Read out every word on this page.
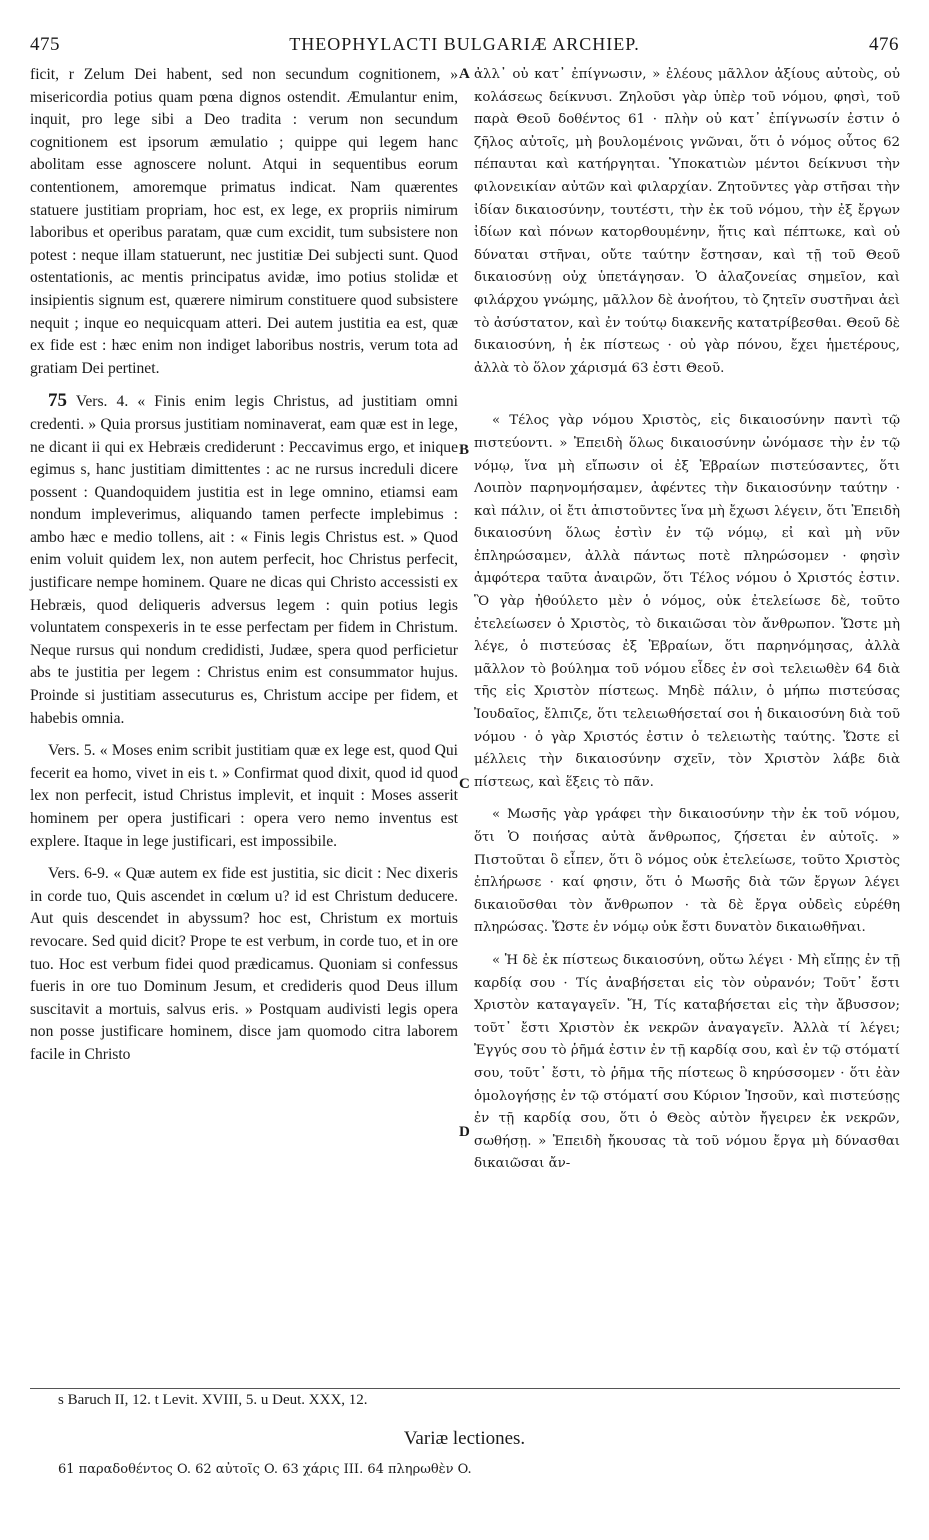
475	THEOPHYLACTI BULGARIÆ ARCHIEP.	476

ficit, r Zelum Dei habent, sed non secundum cognitionem, » misericordia potius quam pœna dignos ostendit. Æmulantur enim, inquit, pro lege sibi a Deo tradita : verum non secundum cognitionem est ipsorum æmulatio ; quippe qui legem hanc abolitam esse agnoscere nolunt. Atqui in sequentibus eorum contentionem, amoremque primatus indicat. Nam quærentes statuere justitiam propriam, hoc est, ex lege, ex propriis nimirum laboribus et operibus paratam, quæ cum excidit, tum subsistere non potest : neque illam statuerunt, nec justitiæ Dei subjecti sunt. Quod ostentationis, ac mentis principatus avidæ, imo potius stolidæ et insipientis signum est, quærere nimirum constituere quod subsistere nequit ; inque eo nequicquam atteri. Dei autem justitia ea est, quæ ex fide est : hæc enim non indiget laboribus nostris, verum tota ad gratiam Dei pertinet.

75 Vers. 4. « Finis enim legis Christus, ad justitiam omni credenti. » Quia prorsus justitiam nominaverat, eam quæ est in lege, ne dicant ii qui ex Hebræis crediderunt : Peccavimus ergo, et inique egimus s, hanc justitiam dimittentes : ac ne rursus increduli dicere possent : Quandoquidem justitia est in lege omnino, etiamsi eam nondum impleverimus, aliquando tamen perfecte implebimus : ambo hæc e medio tollens, ait : « Finis legis Christus est. » Quod enim voluit quidem lex, non autem perfecit, hoc Christus perfecit, justificare nempe hominem. Quare ne dicas qui Christo accessisti ex Hebræis, quod deliqueris adversus legem : quin potius legis voluntatem conspexeris in te esse perfectam per fidem in Christum. Neque rursus qui nondum credidisti, Judæe, spera quod perficietur abs te justitia per legem : Christus enim est consummator hujus. Proinde si justitiam assecuturus es, Christum accipe per fidem, et habebis omnia.

Vers. 5. « Moses enim scribit justitiam quæ ex lege est, quod Qui fecerit ea homo, vivet in eis t. » Confirmat quod dixit, quod id quod lex non perfecit, istud Christus implevit, et inquit : Moses asserit hominem per opera justificari : opera vero nemo inventus est explere. Itaque in lege justificari, est impossibile.

Vers. 6-9. « Quæ autem ex fide est justitia, sic dicit : Nec dixeris in corde tuo, Quis ascendet in cœlum u? id est Christum deducere. Aut quis descendet in abyssum? hoc est, Christum ex mortuis revocare. Sed quid dicit? Prope te est verbum, in corde tuo, et in ore tuo. Hoc est verbum fidei quod prædicamus. Quoniam si confessus fueris in ore tuo Dominum Jesum, et credideris quod Deus illum suscitavit a mortuis, salvus eris. » Postquam audivisti legis opera non posse justificare hominem, disce jam quomodo citra laborem facile in Christo

A
B
C
D

ἀλλ᾽ οὐ κατ᾽ ἐπίγνωσιν, » ἐλέους μᾶλλον ἀξίους αὐτοὺς, οὐ κολάσεως δείκνυσι. Ζηλοῦσι γὰρ ὑπὲρ τοῦ νόμου, φησὶ, τοῦ παρὰ Θεοῦ δοθέντος 61 · πλὴν οὐ κατ᾽ ἐπίγνωσίν ἐστιν ὁ ζῆλος αὐτοῖς, μὴ βουλομένοις γνῶναι, ὅτι ὁ νόμος οὗτος 62 πέπαυται καὶ κατήργηται. Ὑποκατιὼν μέντοι δείκνυσι τὴν φιλονεικίαν αὐτῶν καὶ φιλαρχίαν. Ζητοῦντες γὰρ στῆσαι τὴν ἰδίαν δικαιοσύνην, τουτέστι, τὴν ἐκ τοῦ νόμου, τὴν ἐξ ἔργων ἰδίων καὶ πόνων κατορθουμένην, ἥτις καὶ πέπτωκε, καὶ οὐ δύναται στῆναι, οὔτε ταύτην ἔστησαν, καὶ τῇ τοῦ Θεοῦ δικαιοσύνῃ οὐχ ὑπετάγησαν. Ὁ ἀλαζονείας σημεῖον, καὶ φιλάρχου γνώμης, μᾶλλον δὲ ἀνοήτου, τὸ ζητεῖν συστῆναι ἀεὶ τὸ ἀσύστατον, καὶ ἐν τούτῳ διακενῆς κατατρίβεσθαι. Θεοῦ δὲ δικαιοσύνη, ἡ ἐκ πίστεως · οὐ γὰρ πόνου, ἔχει ἡμετέρους, ἀλλὰ τὸ ὅλον χάρισμά 63 ἐστι Θεοῦ.

« Τέλος γὰρ νόμου Χριστὸς, εἰς δικαιοσύνην παντὶ τῷ πιστεύοντι. » Ἐπειδὴ ὅλως δικαιοσύνην ὠνόμασε τὴν ἐν τῷ νόμῳ, ἵνα μὴ εἴπωσιν οἱ ἐξ Ἑβραίων πιστεύσαντες, ὅτι Λοιπὸν παρηνομήσαμεν, ἀφέντες τὴν δικαιοσύνην ταύτην · καὶ πάλιν, οἱ ἔτι ἀπιστοῦντες ἵνα μὴ ἔχωσι λέγειν, ὅτι Ἐπειδὴ δικαιοσύνη ὅλως ἐστὶν ἐν τῷ νόμῳ, εἰ καὶ μὴ νῦν ἐπληρώσαμεν, ἀλλὰ πάντως ποτὲ πληρώσομεν · φησὶν ἀμφότερα ταῦτα ἀναιρῶν, ὅτι Τέλος νόμου ὁ Χριστός ἐστιν. Ὃ γὰρ ἠθούλετο μὲν ὁ νόμος, οὐκ ἐτελείωσε δὲ, τοῦτο ἐτελείωσεν ὁ Χριστὸς, τὸ δικαιῶσαι τὸν ἄνθρωπον. Ὥστε μὴ λέγε, ὁ πιστεύσας ἐξ Ἑβραίων, ὅτι παρηνόμησας, ἀλλὰ μᾶλλον τὸ βούλημα τοῦ νόμου εἶδες ἐν σοὶ τελειωθὲν 64 διὰ τῆς εἰς Χριστὸν πίστεως. Μηδὲ πάλιν, ὁ μήπω πιστεύσας Ἰουδαῖος, ἔλπιζε, ὅτι τελειωθήσεταί σοι ἡ δικαιοσύνη διὰ τοῦ νόμου · ὁ γὰρ Χριστός ἐστιν ὁ τελειωτὴς ταύτης. Ὥστε εἰ μέλλεις τὴν δικαιοσύνην σχεῖν, τὸν Χριστὸν λάβε διὰ πίστεως, καὶ ἕξεις τὸ πᾶν.

« Μωσῆς γὰρ γράφει τὴν δικαιοσύνην τὴν ἐκ τοῦ νόμου, ὅτι Ὁ ποιήσας αὐτὰ ἄνθρωπος, ζήσεται ἐν αὐτοῖς. » Πιστοῦται ὃ εἶπεν, ὅτι ὃ νόμος οὐκ ἐτελείωσε, τοῦτο Χριστὸς ἐπλήρωσε · καί φησιν, ὅτι ὁ Μωσῆς διὰ τῶν ἔργων λέγει δικαιοῦσθαι τὸν ἄνθρωπον · τὰ δὲ ἔργα οὐδεὶς εὑρέθη πληρώσας. Ὥστε ἐν νόμῳ οὐκ ἔστι δυνατὸν δικαιωθῆναι.

« Ἡ δὲ ἐκ πίστεως δικαιοσύνη, οὕτω λέγει · Μὴ εἴπῃς ἐν τῇ καρδίᾳ σου · Τίς ἀναβήσεται εἰς τὸν οὐρανόν; Τοῦτ᾽ ἔστι Χριστὸν καταγαγεῖν. Ἤ, Τίς καταβήσεται εἰς τὴν ἄβυσσον; τοῦτ᾽ ἔστι Χριστὸν ἐκ νεκρῶν ἀναγαγεῖν. Ἀλλὰ τί λέγει; Ἐγγύς σου τὸ ῥῆμά ἐστιν ἐν τῇ καρδίᾳ σου, καὶ ἐν τῷ στόματί σου, τοῦτ᾽ ἔστι, τὸ ῥῆμα τῆς πίστεως ὃ κηρύσσομεν · ὅτι ἐὰν ὁμολογήσῃς ἐν τῷ στόματί σου Κύριον Ἰησοῦν, καὶ πιστεύσῃς ἐν τῇ καρδίᾳ σου, ὅτι ὁ Θεὸς αὐτὸν ἤγειρεν ἐκ νεκρῶν, σωθήσῃ. » Ἐπειδὴ ἤκουσας τὰ τοῦ νόμου ἔργα μὴ δύνασθαι δικαιῶσαι ἄν-

s Baruch II, 12. t Levit. XVIII, 5. u Deut. XXX, 12.
Variæ lectiones.
61 παραδοθέντος O. 62 αὐτοῖς O. 63 χάρις III. 64 πληρωθὲν O.
